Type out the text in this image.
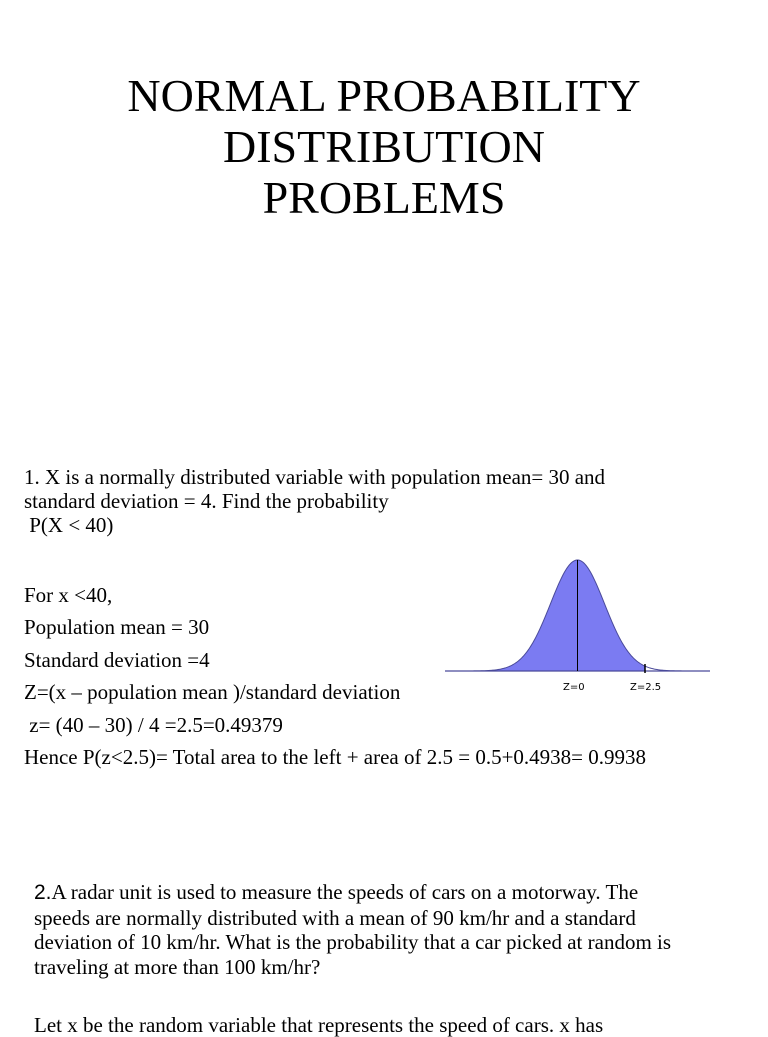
NORMAL PROBABILITY
DISTRIBUTION
PROBLEMS
1. X is a normally distributed variable with population mean= 30 and
standard deviation = 4. Find the probability
P(X < 40)
For x <40,
Population mean = 30
Standard deviation =4
Z=(x – population mean )/standard deviation
z= (40 – 30) / 4 =2.5=0.49379
Hence P(z<2.5)= Total area to the left + area of 2.5 = 0.5+0.4938= 0.9938
Z=0	Z=2.5
2.A radar unit is used to measure the speeds of cars on a motorway. The
speeds are normally distributed with a mean of 90 km/hr and a standard
deviation of 10 km/hr. What is the probability that a car picked at random is
traveling at more than 100 km/hr?
Let x be the random variable that represents the speed of cars. x has
